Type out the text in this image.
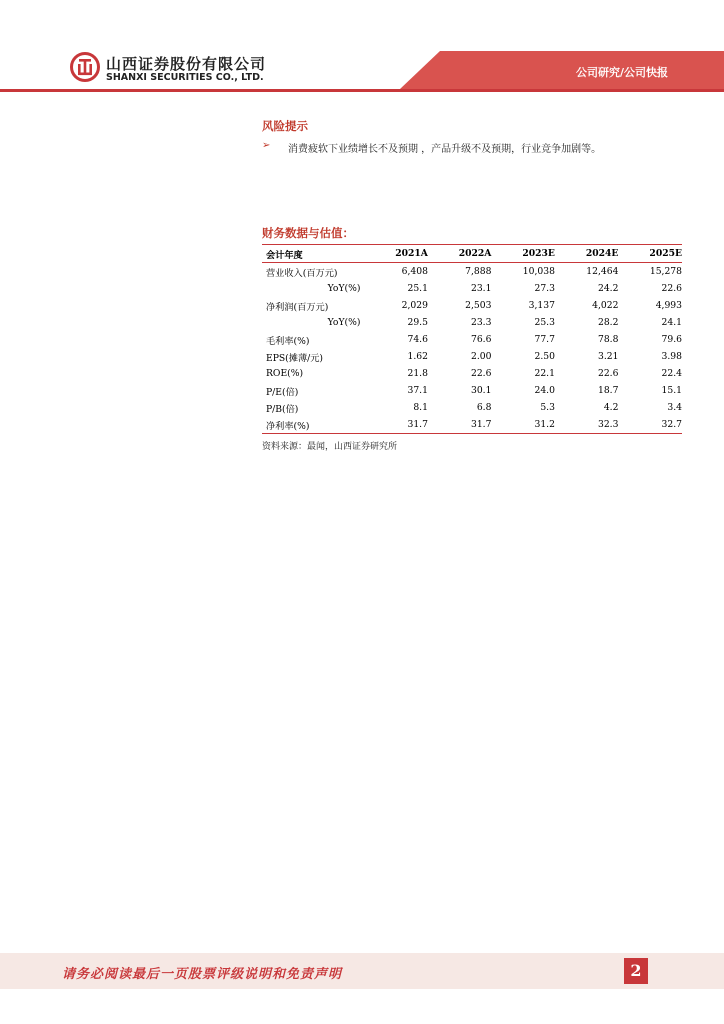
山西证券股份有限公司
SHANXI SECURITIES CO., LTD.	公司研究/公司快报
风险提示
➢ 消费疲软下业绩增长不及预期 ，产品升级不及预期，行业竞争加剧等。
财务数据与估值：
会计年度	2021A	2022A	2023E	2024E	2025E
营业收入(百万元)	6,408	7,888	10,038	12,464	15,278
YoY(%)	25.1	23.1	27.3	24.2	22.6
净利润(百万元)	2,029	2,503	3,137	4,022	4,993
YoY(%)	29.5	23.3	25.3	28.2	24.1
毛利率(%)	74.6	76.6	77.7	78.8	79.6
EPS(摊薄/元)	1.62	2.00	2.50	3.21	3.98
ROE(%)	21.8	22.6	22.1	22.6	22.4
P/E(倍)	37.1	30.1	24.0	18.7	15.1
P/B(倍)	8.1	6.8	5.3	4.2	3.4
净利率(%)	31.7	31.7	31.2	32.3	32.7
资料来源：最闻，山西证券研究所
请务必阅读最后一页股票评级说明和免责声明	2
